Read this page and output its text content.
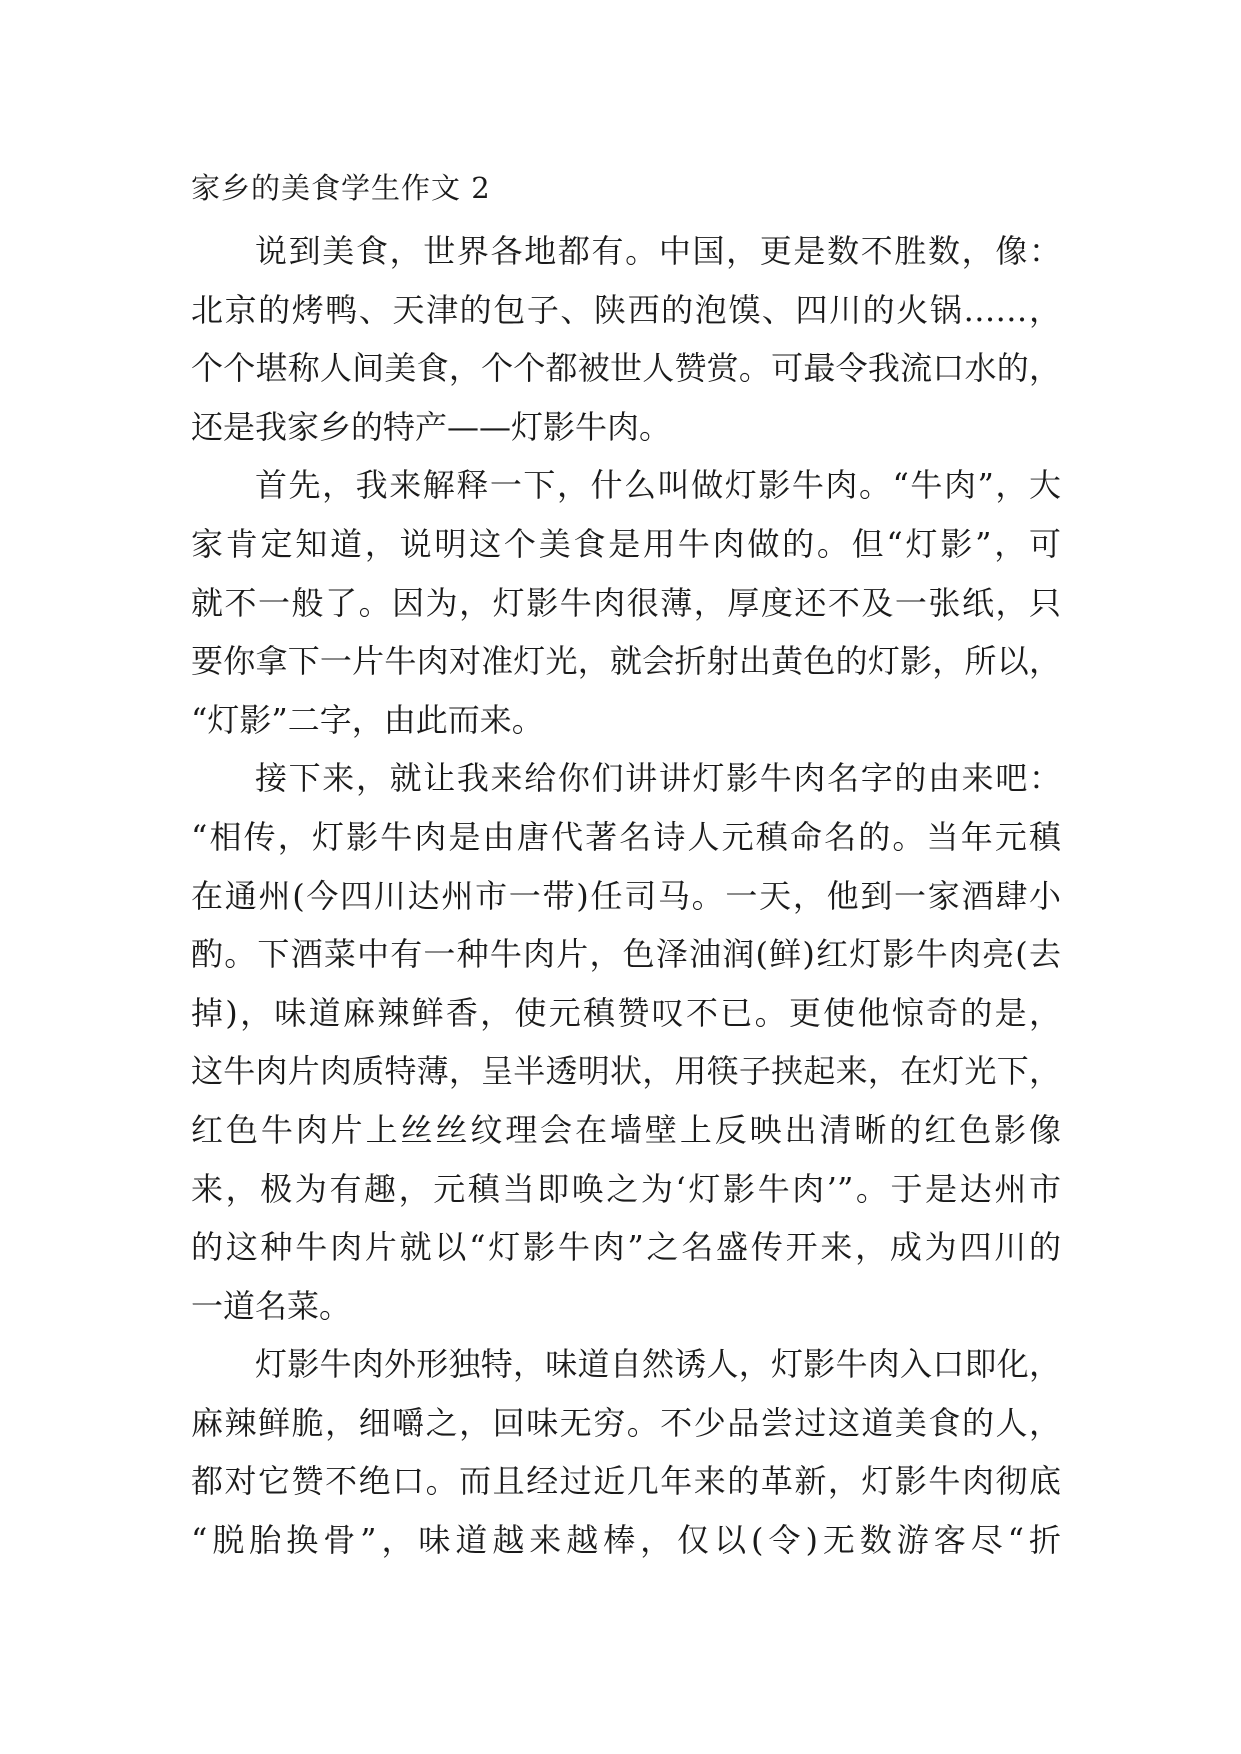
家乡的美食学生作文 2

说到美食，世界各地都有。中国，更是数不胜数，像：
北京的烤鸭、天津的包子、陕西的泡馍、四川的火锅……，
个个堪称人间美食，个个都被世人赞赏。可最令我流口水的，
还是我家乡的特产——灯影牛肉。

首先，我来解释一下，什么叫做灯影牛肉。“牛肉”，大
家肯定知道，说明这个美食是用牛肉做的。但“灯影”，可
就不一般了。因为，灯影牛肉很薄，厚度还不及一张纸，只
要你拿下一片牛肉对准灯光，就会折射出黄色的灯影，所以，
“灯影”二字，由此而来。

接下来，就让我来给你们讲讲灯影牛肉名字的由来吧：
“相传，灯影牛肉是由唐代著名诗人元稹命名的。当年元稹
在通州(今四川达州市一带)任司马。一天，他到一家酒肆小
酌。下酒菜中有一种牛肉片，色泽油润(鲜)红灯影牛肉亮(去
掉)，味道麻辣鲜香，使元稹赞叹不已。更使他惊奇的是，
这牛肉片肉质特薄，呈半透明状，用筷子挟起来，在灯光下，
红色牛肉片上丝丝纹理会在墙壁上反映出清晰的红色影像
来，极为有趣，元稹当即唤之为‘灯影牛肉’”。于是达州市
的这种牛肉片就以“灯影牛肉”之名盛传开来，成为四川的
一道名菜。

灯影牛肉外形独特，味道自然诱人，灯影牛肉入口即化，
麻辣鲜脆，细嚼之，回味无穷。不少品尝过这道美食的人，
都对它赞不绝口。而且经过近几年来的革新，灯影牛肉彻底
“脱胎换骨”，味道越来越棒，仅以(令)无数游客尽“折
